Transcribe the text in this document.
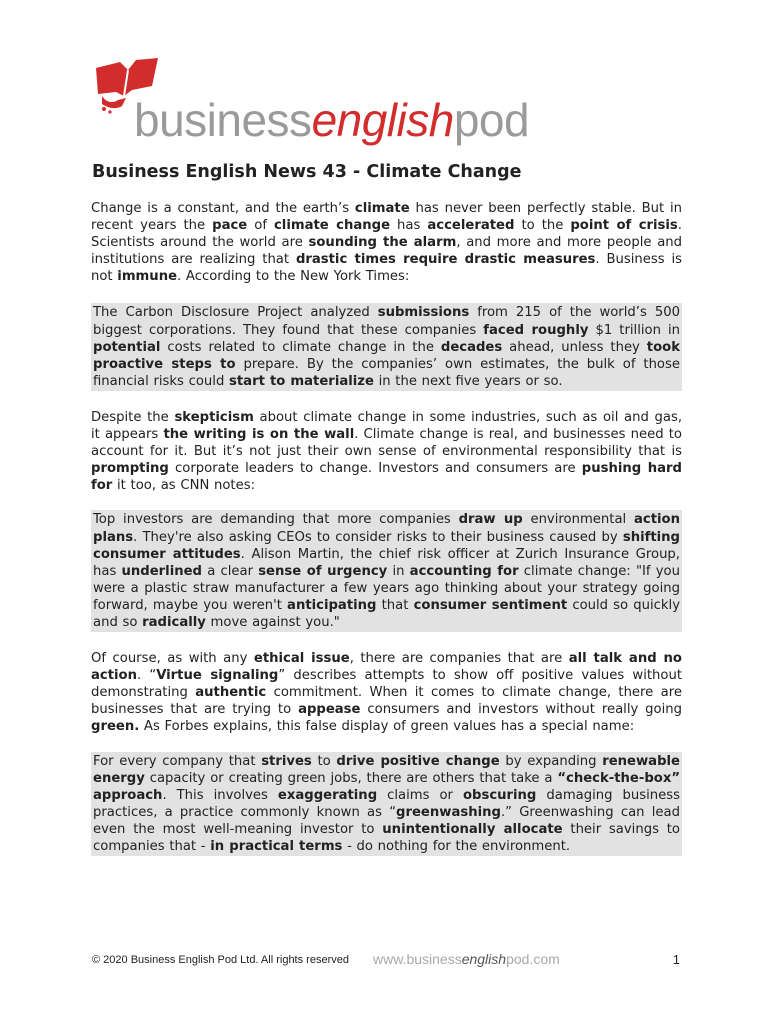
businessenglishpod
Business English News 43 - Climate Change

Change is a constant, and the earth’s climate has never been perfectly stable. But in recent years the pace of climate change has accelerated to the point of crisis. Scientists around the world are sounding the alarm, and more and more people and institutions are realizing that drastic times require drastic measures. Business is not immune. According to the New York Times:

The Carbon Disclosure Project analyzed submissions from 215 of the world’s 500 biggest corporations. They found that these companies faced roughly $1 trillion in potential costs related to climate change in the decades ahead, unless they took proactive steps to prepare. By the companies’ own estimates, the bulk of those financial risks could start to materialize in the next five years or so.

Despite the skepticism about climate change in some industries, such as oil and gas, it appears the writing is on the wall. Climate change is real, and businesses need to account for it. But it’s not just their own sense of environmental responsibility that is prompting corporate leaders to change. Investors and consumers are pushing hard for it too, as CNN notes:

Top investors are demanding that more companies draw up environmental action plans. They're also asking CEOs to consider risks to their business caused by shifting consumer attitudes. Alison Martin, the chief risk officer at Zurich Insurance Group, has underlined a clear sense of urgency in accounting for climate change: "If you were a plastic straw manufacturer a few years ago thinking about your strategy going forward, maybe you weren't anticipating that consumer sentiment could so quickly and so radically move against you."

Of course, as with any ethical issue, there are companies that are all talk and no action. “Virtue signaling” describes attempts to show off positive values without demonstrating authentic commitment. When it comes to climate change, there are businesses that are trying to appease consumers and investors without really going green. As Forbes explains, this false display of green values has a special name:

For every company that strives to drive positive change by expanding renewable energy capacity or creating green jobs, there are others that take a “check-the-box” approach. This involves exaggerating claims or obscuring damaging business practices, a practice commonly known as “greenwashing.” Greenwashing can lead even the most well-meaning investor to unintentionally allocate their savings to companies that - in practical terms - do nothing for the environment.

© 2020 Business English Pod Ltd. All rights reserved www.businessenglishpod.com	1
